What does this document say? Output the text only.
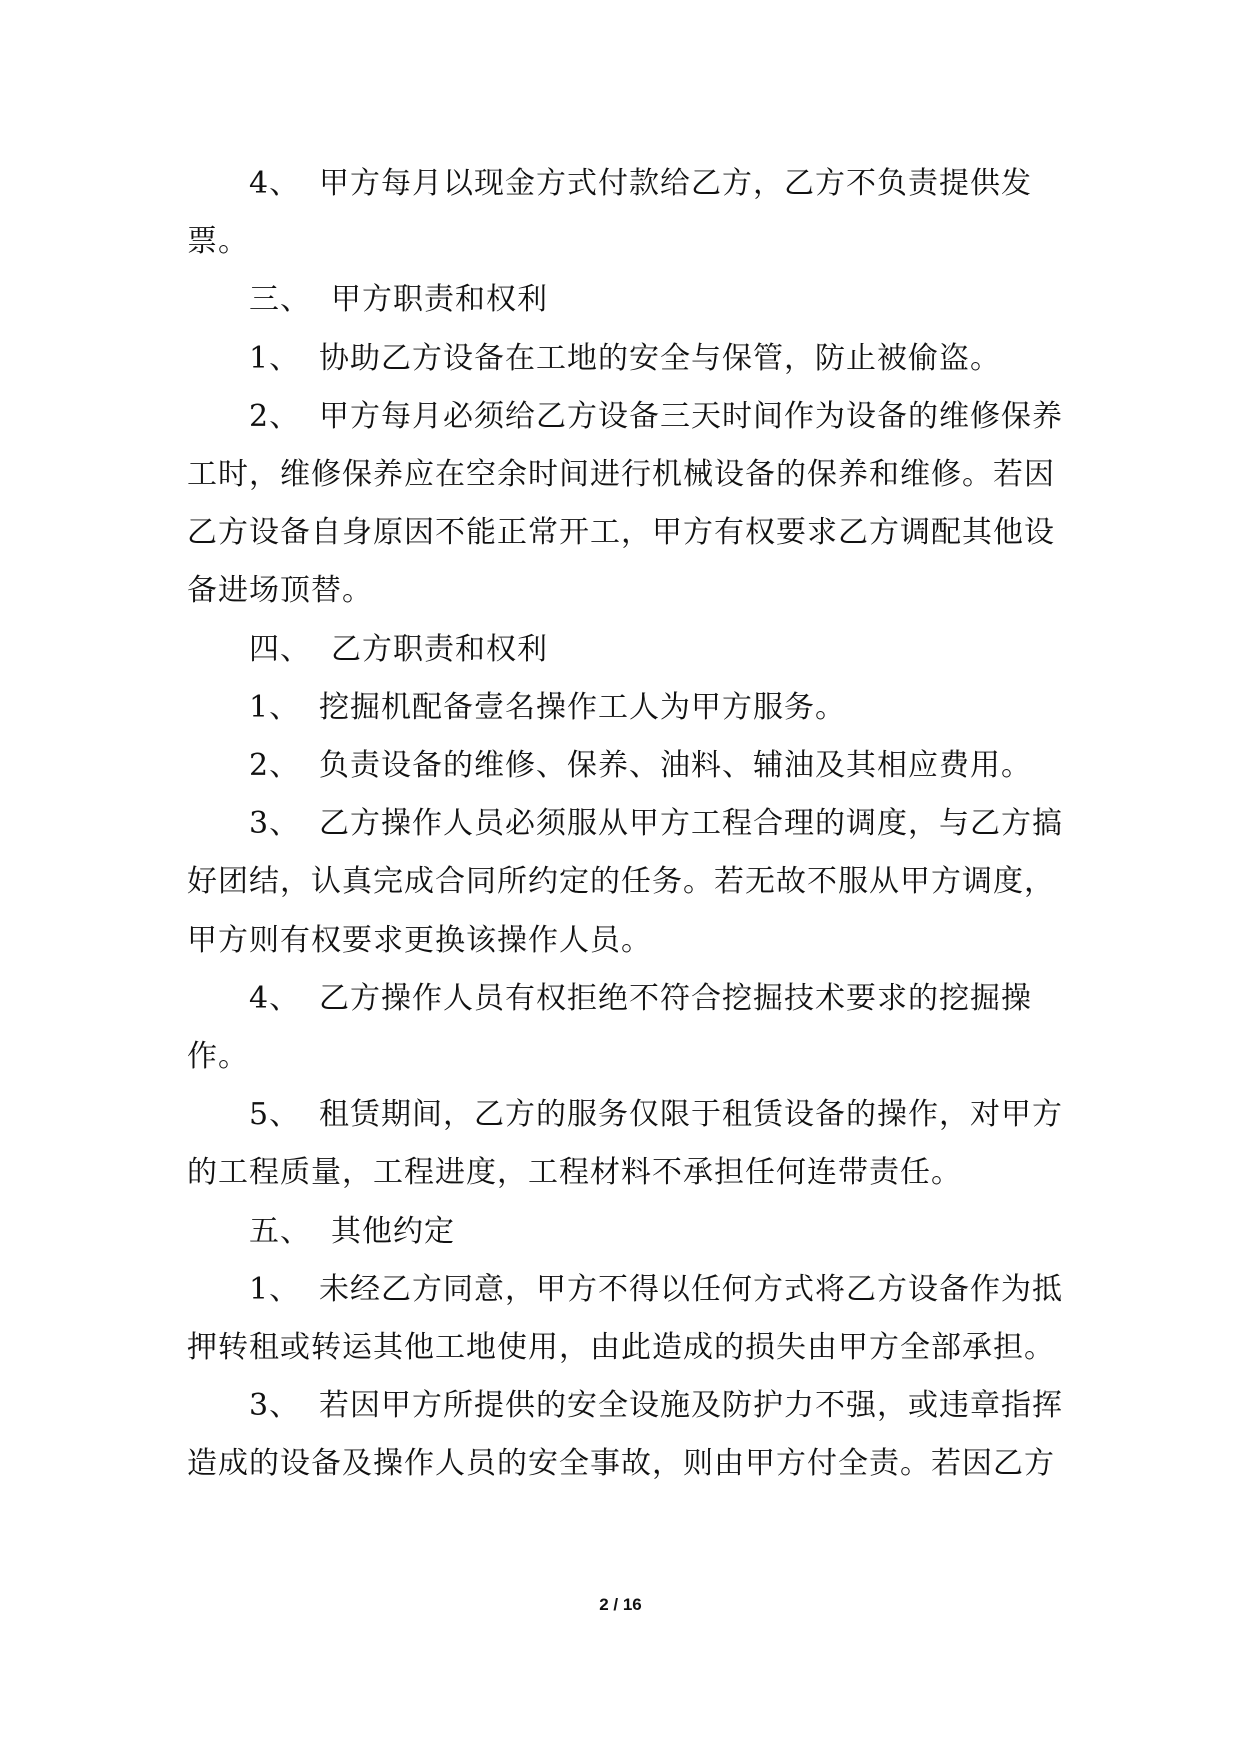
4、 甲方每月以现金方式付款给乙方，乙方不负责提供发票。

三、 甲方职责和权利

1、 协助乙方设备在工地的安全与保管，防止被偷盗。

2、 甲方每月必须给乙方设备三天时间作为设备的维修保养工时，维修保养应在空余时间进行机械设备的保养和维修。若因乙方设备自身原因不能正常开工，甲方有权要求乙方调配其他设备进场顶替。

四、 乙方职责和权利

1、 挖掘机配备壹名操作工人为甲方服务。

2、 负责设备的维修、保养、油料、辅油及其相应费用。

3、 乙方操作人员必须服从甲方工程合理的调度，与乙方搞好团结，认真完成合同所约定的任务。若无故不服从甲方调度，甲方则有权要求更换该操作人员。

4、 乙方操作人员有权拒绝不符合挖掘技术要求的挖掘操作。

5、 租赁期间，乙方的服务仅限于租赁设备的操作，对甲方的工程质量，工程进度，工程材料不承担任何连带责任。

五、 其他约定

1、 未经乙方同意，甲方不得以任何方式将乙方设备作为抵押转租或转运其他工地使用，由此造成的损失由甲方全部承担。

3、 若因甲方所提供的安全设施及防护力不强，或违章指挥造成的设备及操作人员的安全事故，则由甲方付全责。若因乙方

2 / 16
